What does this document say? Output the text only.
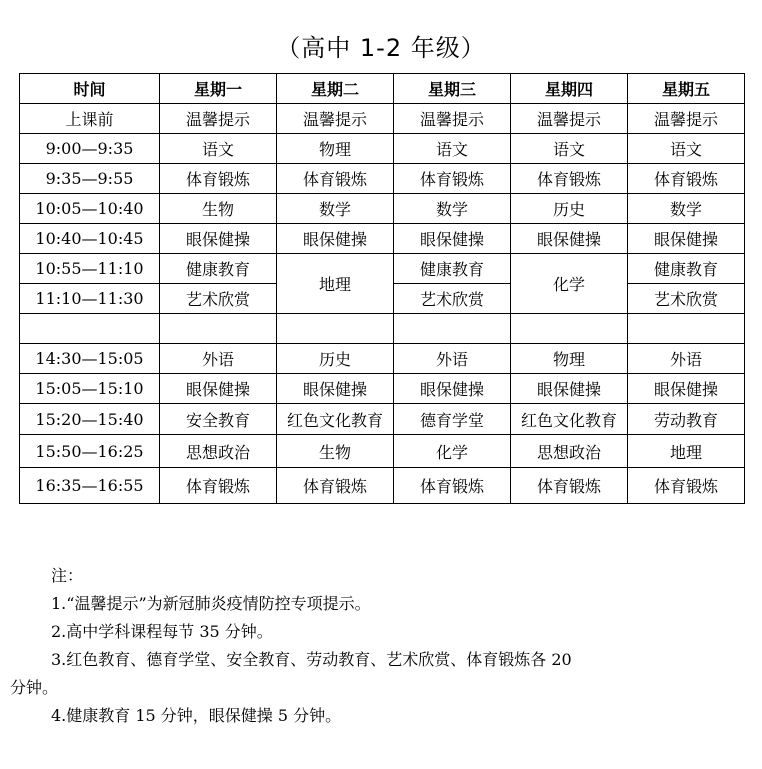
（高中 1-2 年级）
时间	星期一	星期二	星期三	星期四	星期五
上课前	温馨提示	温馨提示	温馨提示	温馨提示	温馨提示
9:00—9:35	语文	物理	语文	语文	语文
9:35—9:55	体育锻炼	体育锻炼	体育锻炼	体育锻炼	体育锻炼
10:05—10:40	生物	数学	数学	历史	数学
10:40—10:45	眼保健操	眼保健操	眼保健操	眼保健操	眼保健操
10:55—11:10	健康教育	地理	健康教育	化学	健康教育
11:10—11:30	艺术欣赏		艺术欣赏		艺术欣赏

14:30—15:05	外语	历史	外语	物理	外语
15:05—15:10	眼保健操	眼保健操	眼保健操	眼保健操	眼保健操
15:20—15:40	安全教育	红色文化教育	德育学堂	红色文化教育	劳动教育
15:50—16:25	思想政治	生物	化学	思想政治	地理
16:35—16:55	体育锻炼	体育锻炼	体育锻炼	体育锻炼	体育锻炼

注：

1.“温馨提示”为新冠肺炎疫情防控专项提示。

2.高中学科课程每节 35 分钟。

3.红色教育、德育学堂、安全教育、劳动教育、艺术欣赏、体育锻炼各 20

分钟。

4.健康教育 15 分钟，眼保健操 5 分钟。
